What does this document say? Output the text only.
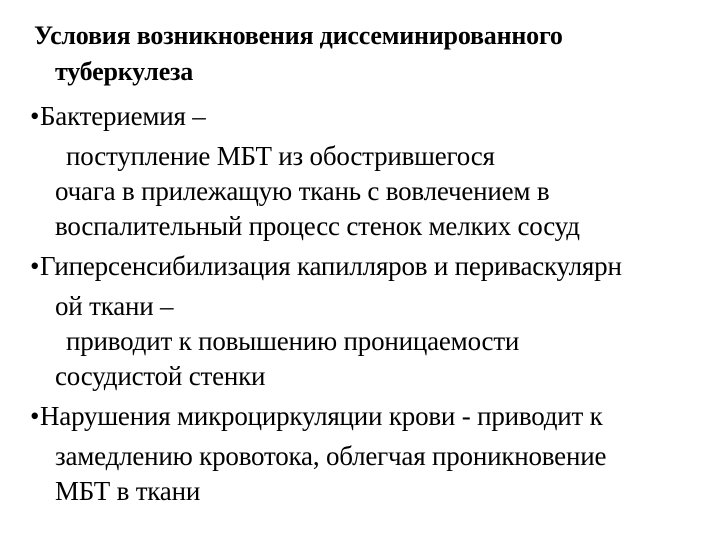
Условия возникновения диссеминированного
туберкулеза
•Бактериемия –
поступление МБТ из обострившегося
очага в прилежащую ткань с вовлечением в
воспалительный процесс стенок мелких сосуд
•Гиперсенсибилизация капилляров и периваскулярн
ой ткани –
приводит к повышению проницаемости
сосудистой стенки
•Нарушения микроциркуляции крови - приводит к
замедлению кровотока, облегчая проникновение
МБТ в ткани
